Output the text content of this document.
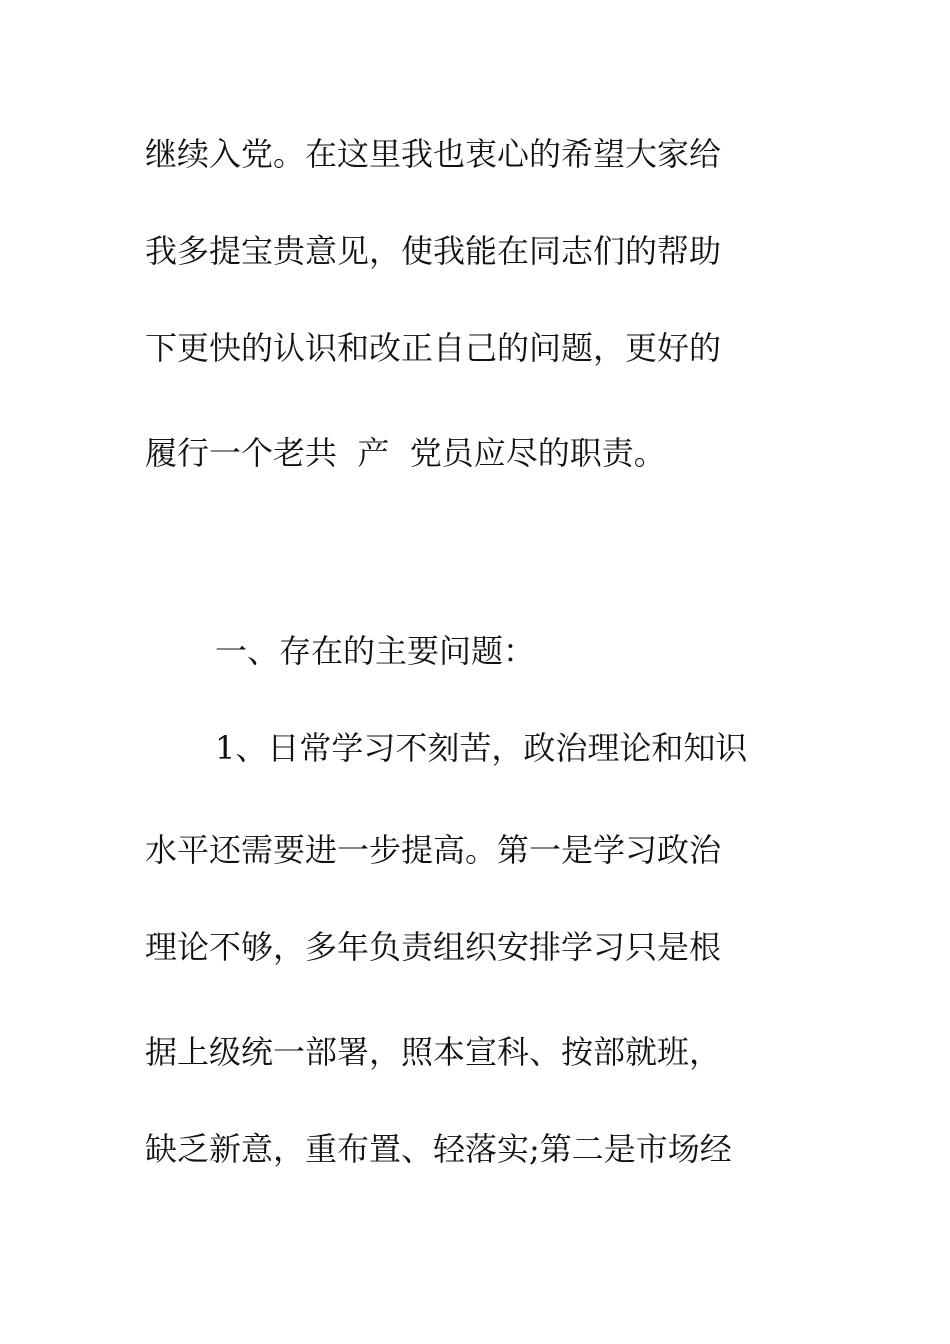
继续入党。在这里我也衷心的希望大家给
我多提宝贵意见，使我能在同志们的帮助
下更快的认识和改正自己的问题，更好的
履行一个老共  产  党员应尽的职责。
一、存在的主要问题：
1、日常学习不刻苦，政治理论和知识
水平还需要进一步提高。第一是学习政治
理论不够，多年负责组织安排学习只是根
据上级统一部署，照本宣科、按部就班，
缺乏新意，重布置、轻落实;第二是市场经
